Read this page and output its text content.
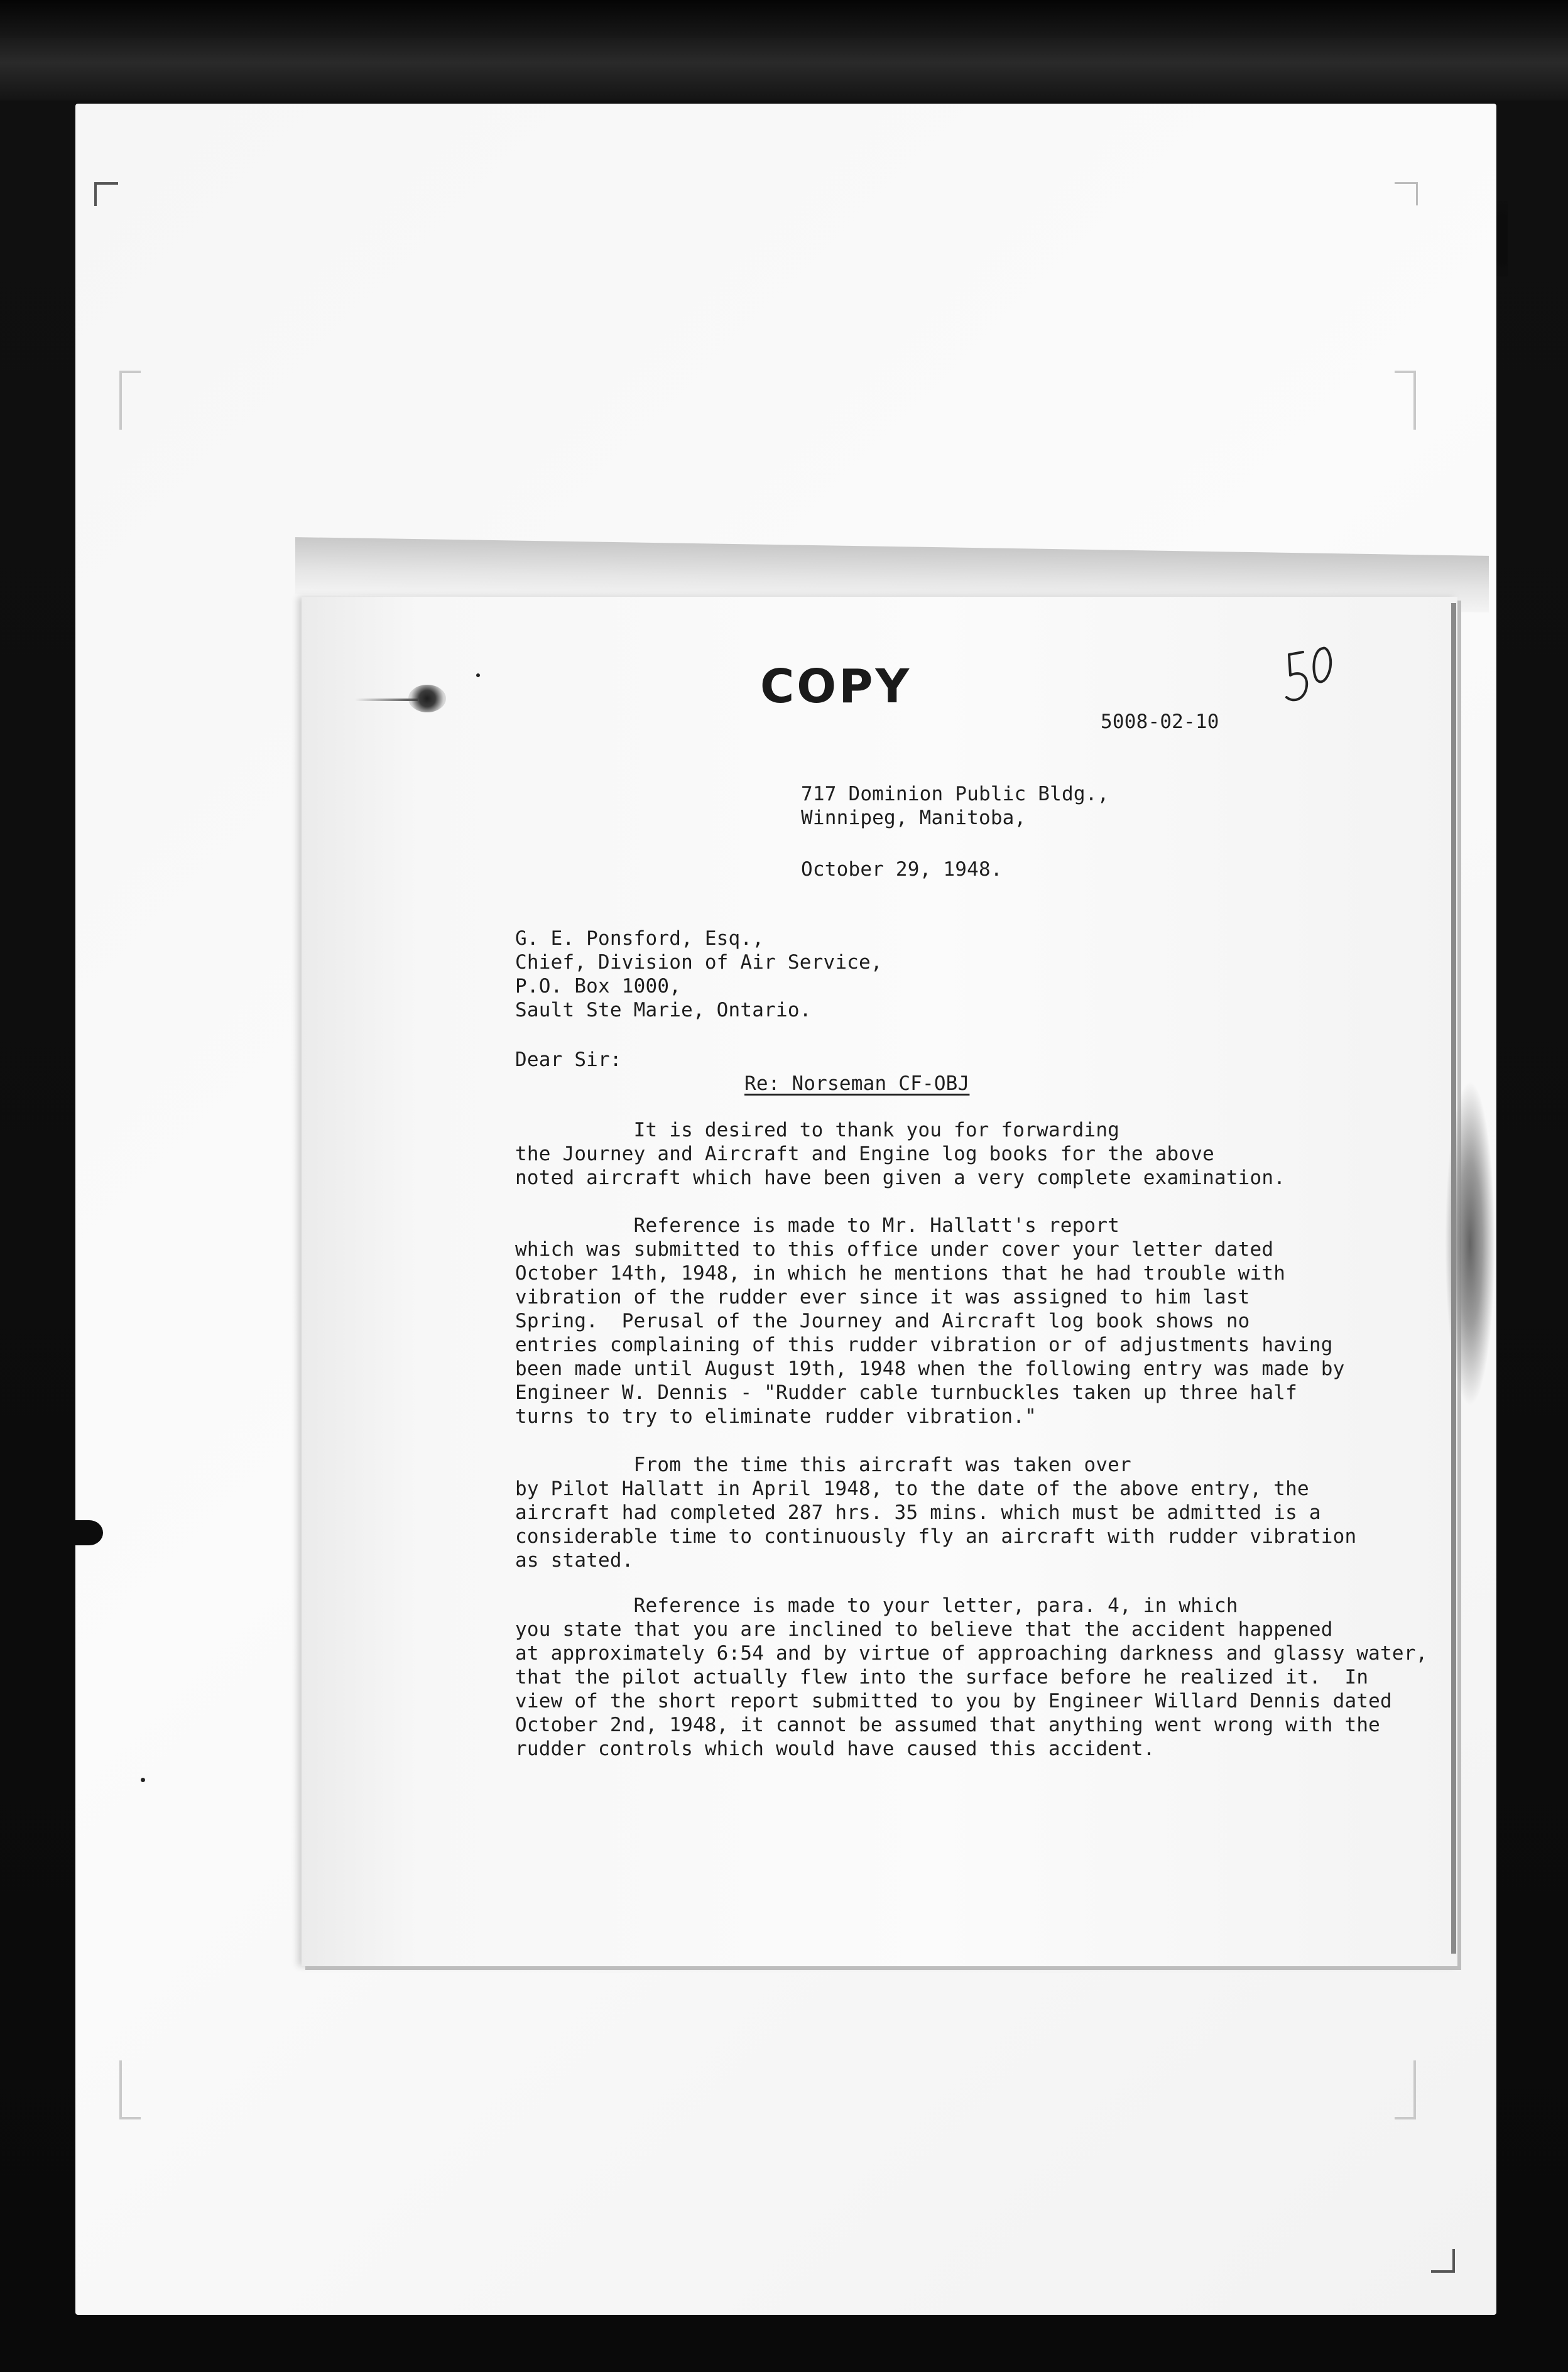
COPY

5008-02-10

717 Dominion Public Bldg.,
Winnipeg, Manitoba,

October 29, 1948.

G. E. Ponsford, Esq.,
Chief, Division of Air Service,
P.O. Box 1000,
Sault Ste Marie, Ontario.

Dear Sir:

Re: Norseman CF-OBJ

It is desired to thank you for forwarding
the Journey and Aircraft and Engine log books for the above
noted aircraft which have been given a very complete examination.
Reference is made to Mr. Hallatt's report
which was submitted to this office under cover your letter dated
October 14th, 1948, in which he mentions that he had trouble with
vibration of the rudder ever since it was assigned to him last
Spring.  Perusal of the Journey and Aircraft log book shows no
entries complaining of this rudder vibration or of adjustments having
been made until August 19th, 1948 when the following entry was made by
Engineer W. Dennis - "Rudder cable turnbuckles taken up three half
turns to try to eliminate rudder vibration."
From the time this aircraft was taken over
by Pilot Hallatt in April 1948, to the date of the above entry, the
aircraft had completed 287 hrs. 35 mins. which must be admitted is a
considerable time to continuously fly an aircraft with rudder vibration
as stated.
Reference is made to your letter, para. 4, in which
you state that you are inclined to believe that the accident happened
at approximately 6:54 and by virtue of approaching darkness and glassy water,
that the pilot actually flew into the surface before he realized it.  In
view of the short report submitted to you by Engineer Willard Dennis dated
October 2nd, 1948, it cannot be assumed that anything went wrong with the
rudder controls which would have caused this accident.
